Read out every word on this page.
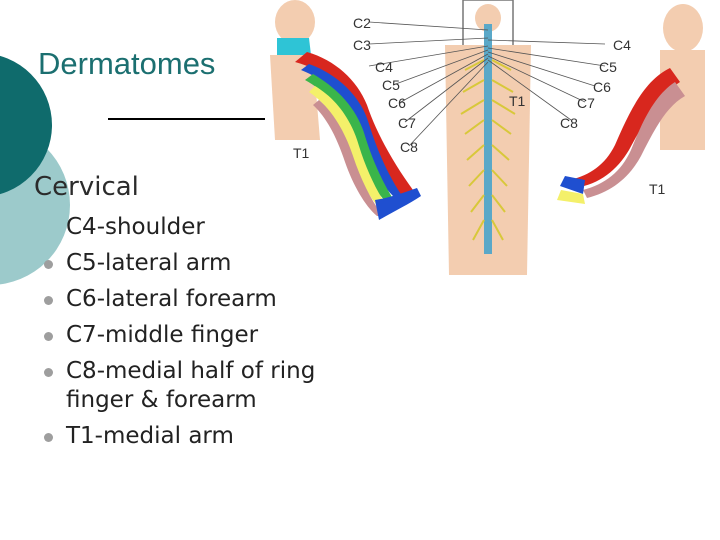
Dermatomes
Cervical
C4-shoulder
C5-lateral arm
C6-lateral forearm
C7-middle finger
C8-medial half of ring finger & forearm
T1-medial arm
C2
C3
C4
C5
C6
C7
C8
T1
T1
C4
C5
C6
C7
C8
T1
